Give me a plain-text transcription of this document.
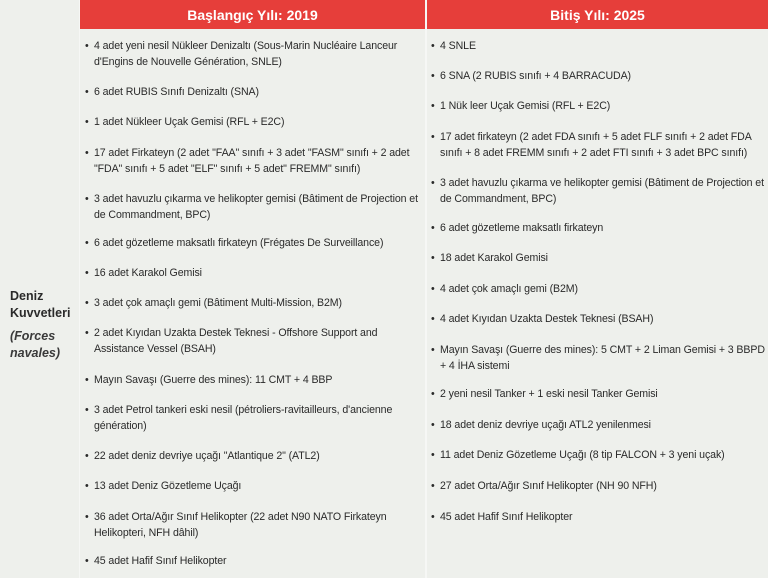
Başlangıç Yılı: 2019	Bitiş Yılı: 2025
Deniz Kuvvetleri
(Forces navales)
• 4 adet yeni nesil Nükleer Denizaltı (Sous-Marin Nucléaire Lanceur d'Engins de Nouvelle Génération, SNLE)
• 6 adet RUBIS Sınıfı Denizaltı (SNA)
• 1 adet Nükleer Uçak Gemisi (RFL + E2C)
• 17 adet Firkateyn (2 adet "FAA" sınıfı + 3 adet "FASM" sınıfı + 2 adet "FDA" sınıfı + 5 adet "ELF" sınıfı + 5 adet" FREMM" sınıfı)
• 3 adet havuzlu çıkarma ve helikopter gemisi (Bâtiment de Projection et de Commandment, BPC)
• 6 adet gözetleme maksatlı firkateyn (Frégates De Surveillance)
• 16 adet Karakol Gemisi
• 3 adet çok amaçlı gemi (Bâtiment Multi-Mission, B2M)
• 2 adet Kıyıdan Uzakta Destek Teknesi - Offshore Support and Assistance Vessel (BSAH)
• Mayın Savaşı (Guerre des mines): 11 CMT + 4 BBP
• 3 adet Petrol tankeri eski nesil (pétroliers-ravitailleurs, d'ancienne génération)
• 22 adet deniz devriye uçağı "Atlantique 2" (ATL2)
• 13 adet Deniz Gözetleme Uçağı
• 36 adet Orta/Ağır Sınıf Helikopter (22 adet N90 NATO Firkateyn Helikopteri, NFH dâhil)
• 45 adet Hafif Sınıf Helikopter
• 4 SNLE
• 6 SNA (2 RUBIS sınıfı + 4 BARRACUDA)
• 1 Nük leer Uçak Gemisi (RFL + E2C)
• 17 adet firkateyn (2 adet FDA sınıfı + 5 adet FLF sınıfı + 2 adet FDA sınıfı + 8 adet FREMM sınıfı + 2 adet FTI sınıfı + 3 adet BPC sınıfı)
• 3 adet havuzlu çıkarma ve helikopter gemisi (Bâtiment de Projection et de Commandment, BPC)
• 6 adet gözetleme maksatlı firkateyn
• 18 adet Karakol Gemisi
• 4 adet çok amaçlı gemi (B2M)
• 4 adet Kıyıdan Uzakta Destek Teknesi (BSAH)
• Mayın Savaşı (Guerre des mines): 5 CMT + 2 Liman Gemisi + 3 BBPD + 4 İHA sistemi
• 2 yeni nesil Tanker + 1 eski nesil Tanker Gemisi
• 18 adet deniz devriye uçağı ATL2 yenilenmesi
• 11 adet Deniz Gözetleme Uçağı (8 tip FALCON + 3 yeni uçak)
• 27 adet Orta/Ağır Sınıf Helikopter (NH 90 NFH)
• 45 adet Hafif Sınıf Helikopter
